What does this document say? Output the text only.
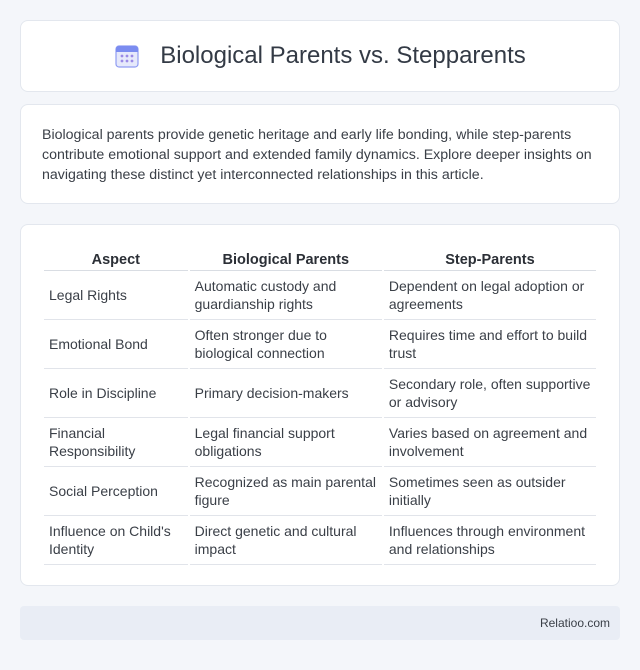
Biological Parents vs. Stepparents

Biological parents provide genetic heritage and early life bonding, while step-parents contribute emotional support and extended family dynamics. Explore deeper insights on navigating these distinct yet interconnected relationships in this article.

Aspect	Biological Parents	Step-Parents
Legal Rights	Automatic custody and guardianship rights	Dependent on legal adoption or agreements
Emotional Bond	Often stronger due to biological connection	Requires time and effort to build trust
Role in Discipline	Primary decision-makers	Secondary role, often supportive or advisory
Financial Responsibility	Legal financial support obligations	Varies based on agreement and involvement
Social Perception	Recognized as main parental figure	Sometimes seen as outsider initially
Influence on Child's Identity	Direct genetic and cultural impact	Influences through environment and relationships
Relatioo.com
